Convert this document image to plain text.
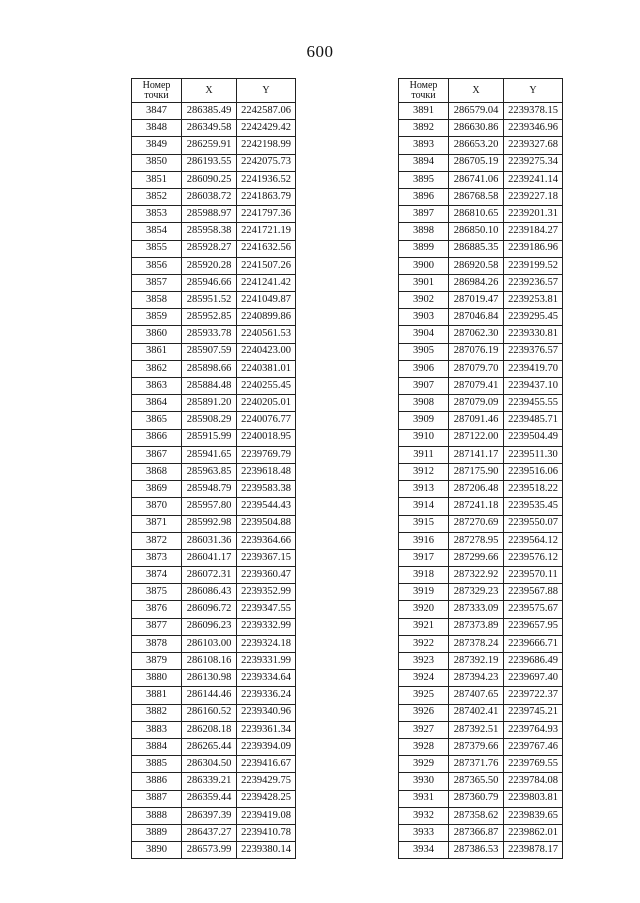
600
Номер
точки	X	Y
3847	286385.49	2242587.06
3848	286349.58	2242429.42
3849	286259.91	2242198.99
3850	286193.55	2242075.73
3851	286090.25	2241936.52
3852	286038.72	2241863.79
3853	285988.97	2241797.36
3854	285958.38	2241721.19
3855	285928.27	2241632.56
3856	285920.28	2241507.26
3857	285946.66	2241241.42
3858	285951.52	2241049.87
3859	285952.85	2240899.86
3860	285933.78	2240561.53
3861	285907.59	2240423.00
3862	285898.66	2240381.01
3863	285884.48	2240255.45
3864	285891.20	2240205.01
3865	285908.29	2240076.77
3866	285915.99	2240018.95
3867	285941.65	2239769.79
3868	285963.85	2239618.48
3869	285948.79	2239583.38
3870	285957.80	2239544.43
3871	285992.98	2239504.88
3872	286031.36	2239364.66
3873	286041.17	2239367.15
3874	286072.31	2239360.47
3875	286086.43	2239352.99
3876	286096.72	2239347.55
3877	286096.23	2239332.99
3878	286103.00	2239324.18
3879	286108.16	2239331.99
3880	286130.98	2239334.64
3881	286144.46	2239336.24
3882	286160.52	2239340.96
3883	286208.18	2239361.34
3884	286265.44	2239394.09
3885	286304.50	2239416.67
3886	286339.21	2239429.75
3887	286359.44	2239428.25
3888	286397.39	2239419.08
3889	286437.27	2239410.78
3890	286573.99	2239380.14
Номер
точки	X	Y
3891	286579.04	2239378.15
3892	286630.86	2239346.96
3893	286653.20	2239327.68
3894	286705.19	2239275.34
3895	286741.06	2239241.14
3896	286768.58	2239227.18
3897	286810.65	2239201.31
3898	286850.10	2239184.27
3899	286885.35	2239186.96
3900	286920.58	2239199.52
3901	286984.26	2239236.57
3902	287019.47	2239253.81
3903	287046.84	2239295.45
3904	287062.30	2239330.81
3905	287076.19	2239376.57
3906	287079.70	2239419.70
3907	287079.41	2239437.10
3908	287079.09	2239455.55
3909	287091.46	2239485.71
3910	287122.00	2239504.49
3911	287141.17	2239511.30
3912	287175.90	2239516.06
3913	287206.48	2239518.22
3914	287241.18	2239535.45
3915	287270.69	2239550.07
3916	287278.95	2239564.12
3917	287299.66	2239576.12
3918	287322.92	2239570.11
3919	287329.23	2239567.88
3920	287333.09	2239575.67
3921	287373.89	2239657.95
3922	287378.24	2239666.71
3923	287392.19	2239686.49
3924	287394.23	2239697.40
3925	287407.65	2239722.37
3926	287402.41	2239745.21
3927	287392.51	2239764.93
3928	287379.66	2239767.46
3929	287371.76	2239769.55
3930	287365.50	2239784.08
3931	287360.79	2239803.81
3932	287358.62	2239839.65
3933	287366.87	2239862.01
3934	287386.53	2239878.17
